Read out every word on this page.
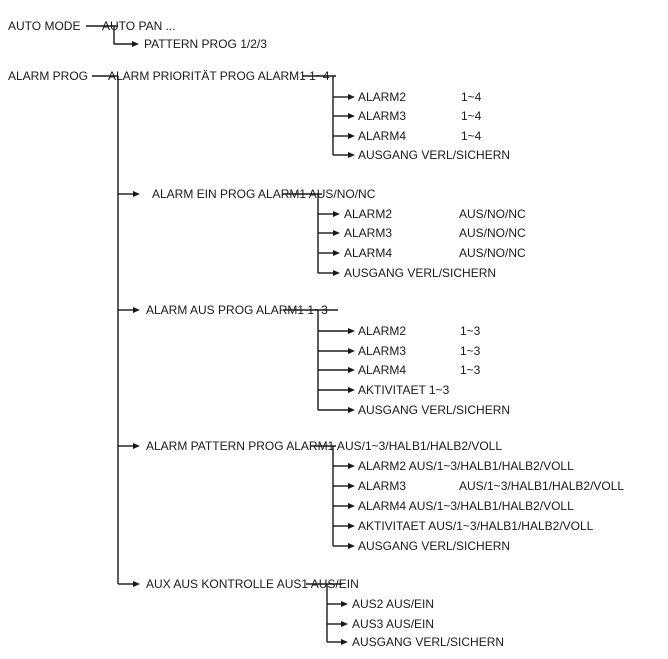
AUTO MODE AUTO PAN ...
PATTERN PROG 1/2/3
ALARM PROG ALARM PRIORITÄT PROG ALARM1 1~4
ALARM2	1~4
ALARM3	1~4
ALARM4	1~4
AUSGANG VERL/SICHERN
ALARM EIN PROG ALARM1 AUS/NO/NC
ALARM2	AUS/NO/NC
ALARM3	AUS/NO/NC
ALARM4	AUS/NO/NC
AUSGANG VERL/SICHERN
ALARM AUS PROG ALARM1 1~3
ALARM2	1~3
ALARM3	1~3
ALARM4	1~3
AKTIVITAET 1~3
AUSGANG VERL/SICHERN
ALARM PATTERN PROG ALARM1 AUS/1~3/HALB1/HALB2/VOLL
ALARM2 AUS/1~3/HALB1/HALB2/VOLL
ALARM3	AUS/1~3/HALB1/HALB2/VOLL
ALARM4 AUS/1~3/HALB1/HALB2/VOLL
AKTIVITAET AUS/1~3/HALB1/HALB2/VOLL
AUSGANG VERL/SICHERN
AUX AUS KONTROLLE AUS1 AUS/EIN
AUS2 AUS/EIN
AUS3 AUS/EIN
AUSGANG VERL/SICHERN
